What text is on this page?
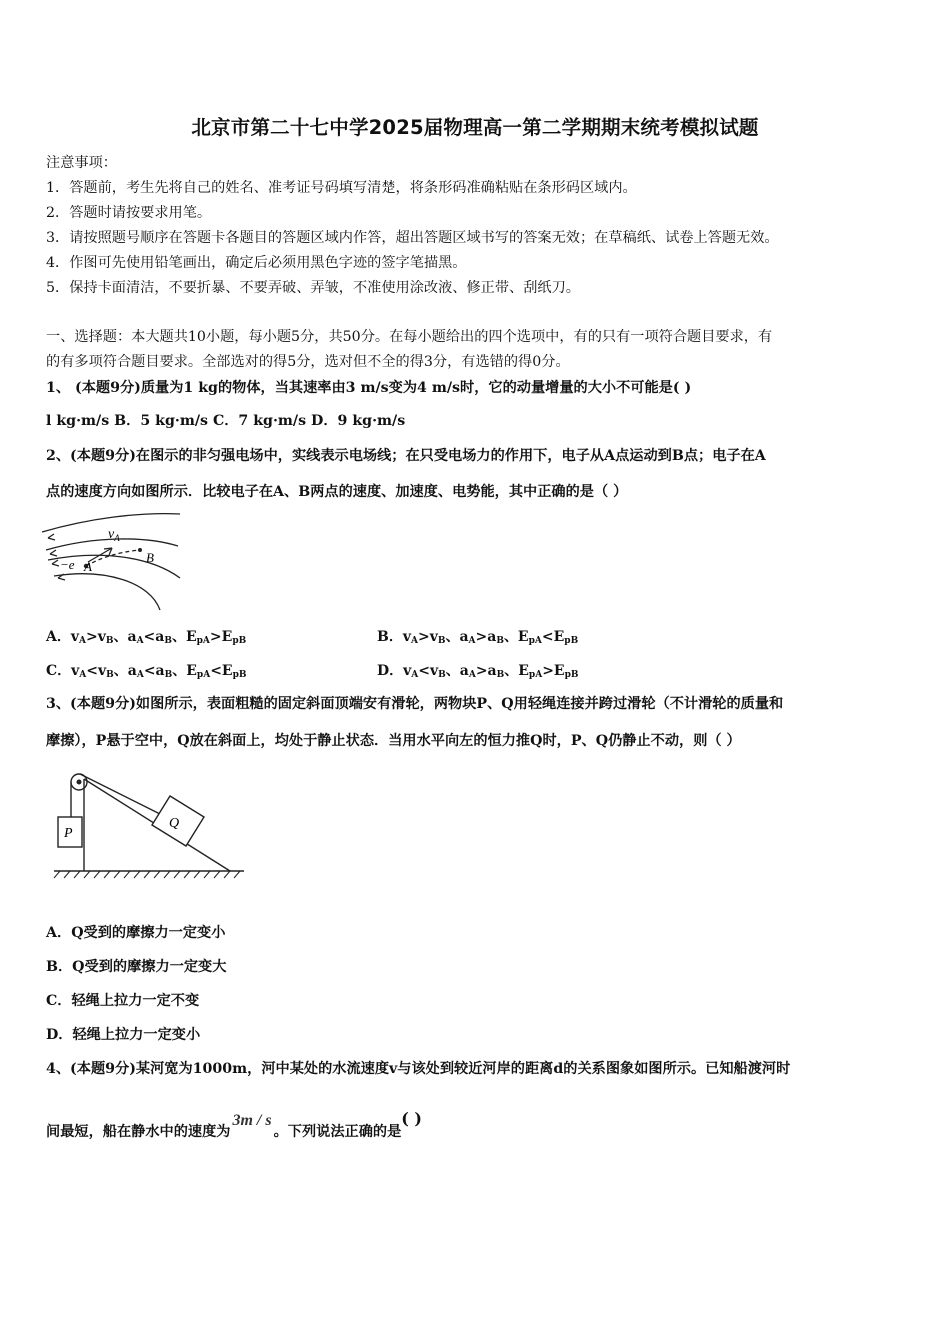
北京市第二十七中学2025届物理高一第二学期期末统考模拟试题
注意事项：
1．答题前，考生先将自己的姓名、准考证号码填写清楚，将条形码准确粘贴在条形码区域内。
2．答题时请按要求用笔。
3．请按照题号顺序在答题卡各题目的答题区域内作答，超出答题区域书写的答案无效；在草稿纸、试卷上答题无效。
4．作图可先使用铅笔画出，确定后必须用黑色字迹的签字笔描黑。
5．保持卡面清洁，不要折暴、不要弄破、弄皱，不准使用涂改液、修正带、刮纸刀。
一、选择题：本大题共10小题，每小题5分，共50分。在每小题给出的四个选项中，有的只有一项符合题目要求，有
的有多项符合题目要求。全部选对的得5分，选对但不全的得3分，有选错的得0分。
1、 (本题9分)质量为1 kg的物体，当其速率由3 m/s变为4 m/s时，它的动量增量的大小不可能是( )
l kg·m/s B．5 kg·m/s C．7 kg·m/s D．9 kg·m/s
2、(本题9分)在图示的非匀强电场中，实线表示电场线；在只受电场力的作用下，电子从A点运动到B点；电子在A
点的速度方向如图所示．比较电子在A、B两点的速度、加速度、电势能，其中正确的是（ ）
$v_A$
−e A
B
A．$v_A>v_B$、$a_A<a_B$、$E_{pA}>E_{pB}$	B．$v_A>v_B$、$a_A>a_B$、$E_{pA}<E_{pB}$
C．$v_A<v_B$、$a_A<a_B$、$E_{pA}<E_{pB}$	D．$v_A<v_B$、$a_A>a_B$、$E_{pA}>E_{pB}$
3、(本题9分)如图所示，表面粗糙的固定斜面顶端安有滑轮，两物块P、Q用轻绳连接并跨过滑轮（不计滑轮的质量和
摩擦），P悬于空中，Q放在斜面上，均处于静止状态．当用水平向左的恒力推Q时，P、Q仍静止不动，则（ ）
P
Q
A．Q受到的摩擦力一定变小
B．Q受到的摩擦力一定变大
C．轻绳上拉力一定不变
D．轻绳上拉力一定变小
4、(本题9分)某河宽为1000m，河中某处的水流速度v与该处到较近河岸的距离d的关系图象如图所示。已知船渡河时
间最短，船在静水中的速度为3m / s。下列说法正确的是( )
